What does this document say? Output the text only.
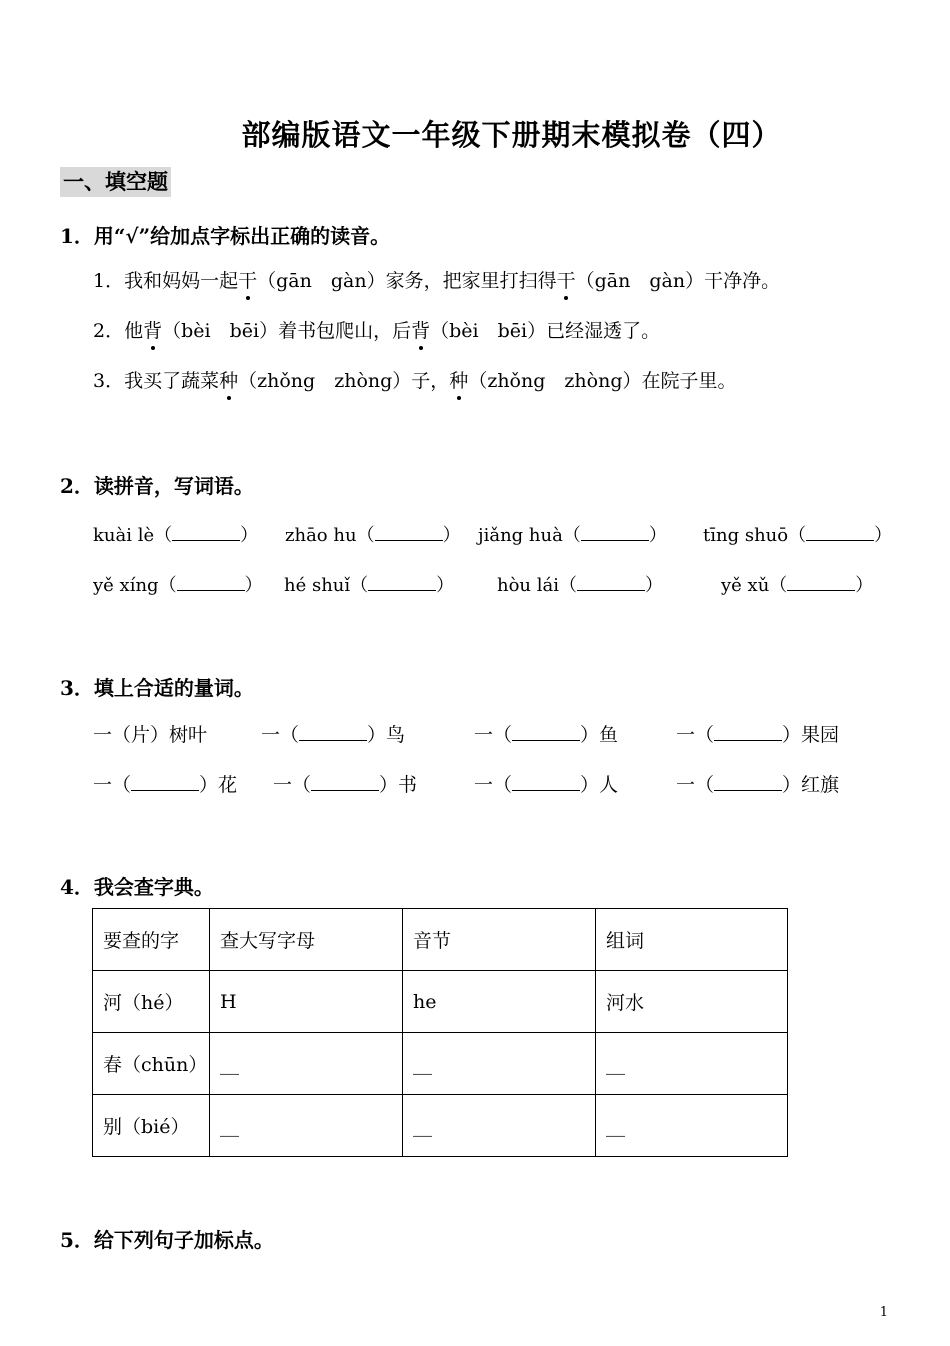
部编版语文一年级下册期末模拟卷（四）
一、填空题
1．用“√”给加点字标出正确的读音。
1．我和妈妈一起干（gān　gàn）家务，把家里打扫得干（gān　gàn）干净净。
2．他背（bèi　bēi）着书包爬山，后背（bèi　bēi）已经湿透了。
3．我买了蔬菜种（zhǒng　zhòng）子，种（zhǒng　zhòng）在院子里。
2．读拼音，写词语。
kuài lè（	） zhāo hu（	） jiǎng huà（	） tīng shuō（	）
yě xíng（	） hé shuǐ（	） hòu lái（	）	yě xǔ（	）
3．填上合适的量词。
一（片）树叶	一（	）鸟	一（	）鱼	一（	）果园
一（	）花 一（	）书	一（	）人	一（	）红旗
4．我会查字典。
要查的字	查大写字母	音节	组词
河（hé）	H	he	河水
春（chūn）	__	__	__
别（bié）	__	__	__
5．给下列句子加标点。
1
